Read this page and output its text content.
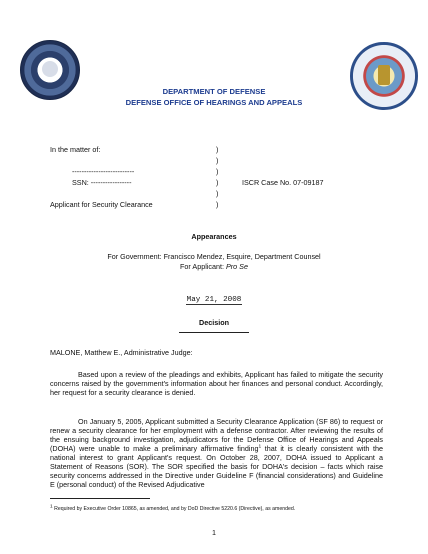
DEPARTMENT OF DEFENSE
DEFENSE OFFICE OF HEARINGS AND APPEALS
In the matter of:
--------------------------
SSN: -----------------	ISCR Case No. 07-09187
Applicant for Security Clearance
)
)
)
)
)
)
Appearances
For Government: Francisco Mendez, Esquire, Department Counsel
For Applicant: Pro Se
May 21, 2008
Decision
MALONE, Matthew E., Administrative Judge:
Based upon a review of the pleadings and exhibits, Applicant has failed to mitigate the security concerns raised by the government's information about her finances and personal conduct. Accordingly, her request for a security clearance is denied.
On January 5, 2005, Applicant submitted a Security Clearance Application (SF 86) to request or renew a security clearance for her employment with a defense contractor. After reviewing the results of the ensuing background investigation, adjudicators for the Defense Office of Hearings and Appeals (DOHA) were unable to make a preliminary affirmative finding$^1$ that it is clearly consistent with the national interest to grant Applicant's request. On October 28, 2007, DOHA issued to Applicant a Statement of Reasons (SOR). The SOR specified the basis for DOHA's decision – facts which raise security concerns addressed in the Directive under Guideline F (financial considerations) and Guideline E (personal conduct) of the Revised Adjudicative
$^1$ Required by Executive Order 10865, as amended, and by DoD Directive 5220.6 (Directive), as amended.
1
